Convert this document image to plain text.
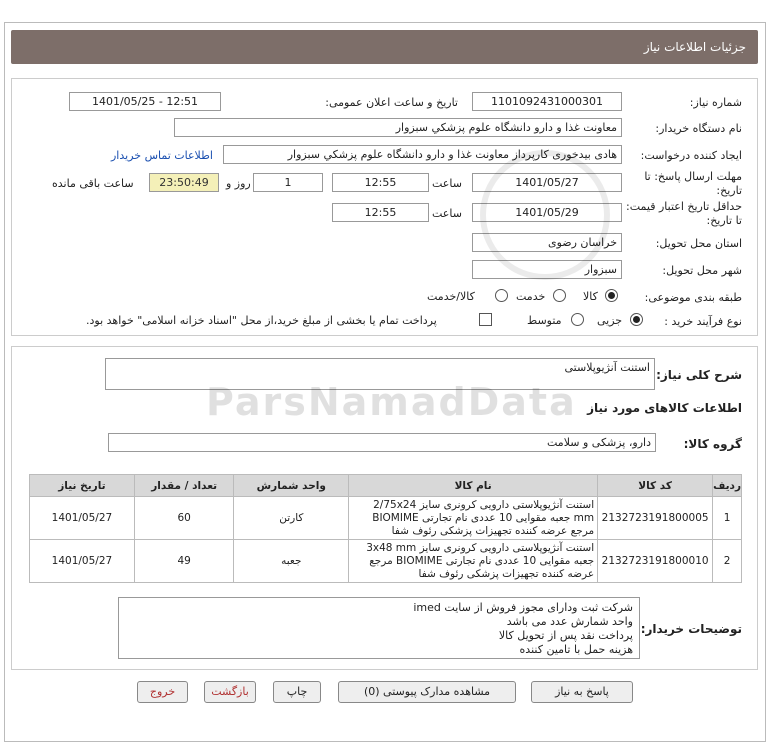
جزئیات اطلاعات نیاز
شماره نیاز:
1101092431000301
تاریخ و ساعت اعلان عمومی:
1401/05/25 - 12:51
نام دستگاه خریدار:
معاونت غذا و دارو دانشگاه علوم پزشکي سبزوار
ایجاد کننده درخواست:
هادی بیدخوری کارپرداز معاونت غذا و دارو دانشگاه علوم پزشکي سبزوار
اطلاعات تماس خریدار
مهلت ارسال پاسخ: تا تاریخ:
1401/05/27
ساعت
12:55
1
روز و
23:50:49
ساعت باقی مانده
حداقل تاریخ اعتبار قیمت: تا تاریخ:
1401/05/29
ساعت
12:55
استان محل تحویل:
خراسان رضوی
شهر محل تحویل:
سبزوار
طبقه بندی موضوعی:
کالا
خدمت
کالا/خدمت
نوع فرآیند خرید :
جزیی
متوسط
پرداخت تمام یا بخشی از مبلغ خرید،از محل "اسناد خزانه اسلامی" خواهد بود.
شرح کلی نیاز:
استنت آنژیوپلاستی
اطلاعات کالاهای مورد نیاز
گروه کالا:
دارو، پزشکی و سلامت
ردیف	کد کالا	نام کالا	واحد شمارش	تعداد / مقدار	تاریخ نیاز
1	2132723191800005	استنت آنژیوپلاستی دارویی کرونری سایز 2/75x24 mm جعبه مقوایی 10 عددی نام تجارتی BIOMIME مرجع عرضه کننده تجهیزات پزشکی رئوف شفا	کارتن	60	1401/05/27
2	2132723191800010	استنت آنژیوپلاستی دارویی کرونری سایز 3x48 mm جعبه مقوایی 10 عددی نام تجارتی BIOMIME مرجع عرضه کننده تجهیزات پزشکی رئوف شفا	جعبه	49	1401/05/27
توضیحات خریدار:
شرکت ثبت ودارای مجوز فروش از سایت imed
واحد شمارش عدد می باشد
پرداخت نقد پس از تحویل کالا
هزینه حمل با تامین کننده
پاسخ به نیاز
مشاهده مدارک پیوستی (0)
چاپ
بازگشت
خروج
